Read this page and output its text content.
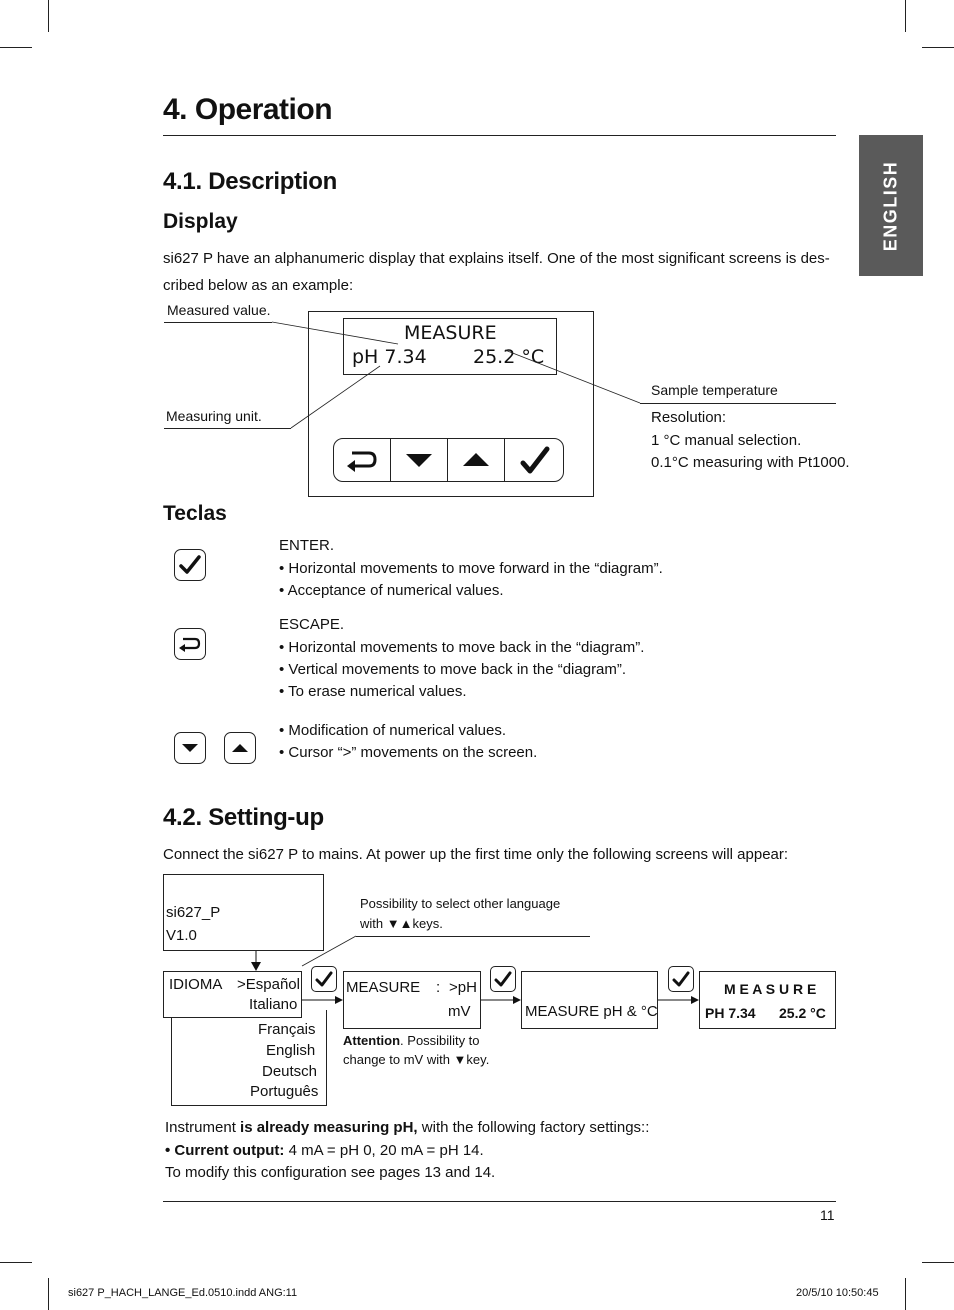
ENGLISH
4. Operation
4.1. Description
Display
si627 P have an alphanumeric display that explains itself. One of the most significant screens is des-
cribed below as an example:
Measured value.
Measuring unit.
MEASURE
pH 7.34 25.2 °C
Sample temperature
Resolution:
1 °C manual selection.
0.1°C measuring with Pt1000.
Teclas
ENTER.
• Horizontal movements to move forward in the “diagram”.
• Acceptance of numerical values.
ESCAPE.
• Horizontal movements to move back in the “diagram”.
• Vertical movements to move back in the “diagram”.
• To erase numerical values.
• Modification of numerical values.
• Cursor “>” movements on the screen.
4.2. Setting-up
Connect the si627 P to mains. At power up the first time only the following screens will appear:
si627_P
V1.0
Possibility to select other language
with ▼▲keys.
IDIOMA >Español
Italiano
Français
English
Deutsch
Português
MEASURE : >pH
mV
Attention. Possibility to
change to mV with ▼key.
MEASURE pH & °C
M E A S U R E
PH 7.34 25.2 °C
Instrument is already measuring pH, with the following factory settings::
• Current output: 4 mA = pH 0, 20 mA = pH 14.
To modify this configuration see pages 13 and 14.
11
si627 P_HACH_LANGE_Ed.0510.indd ANG:11	20/5/10 10:50:45
